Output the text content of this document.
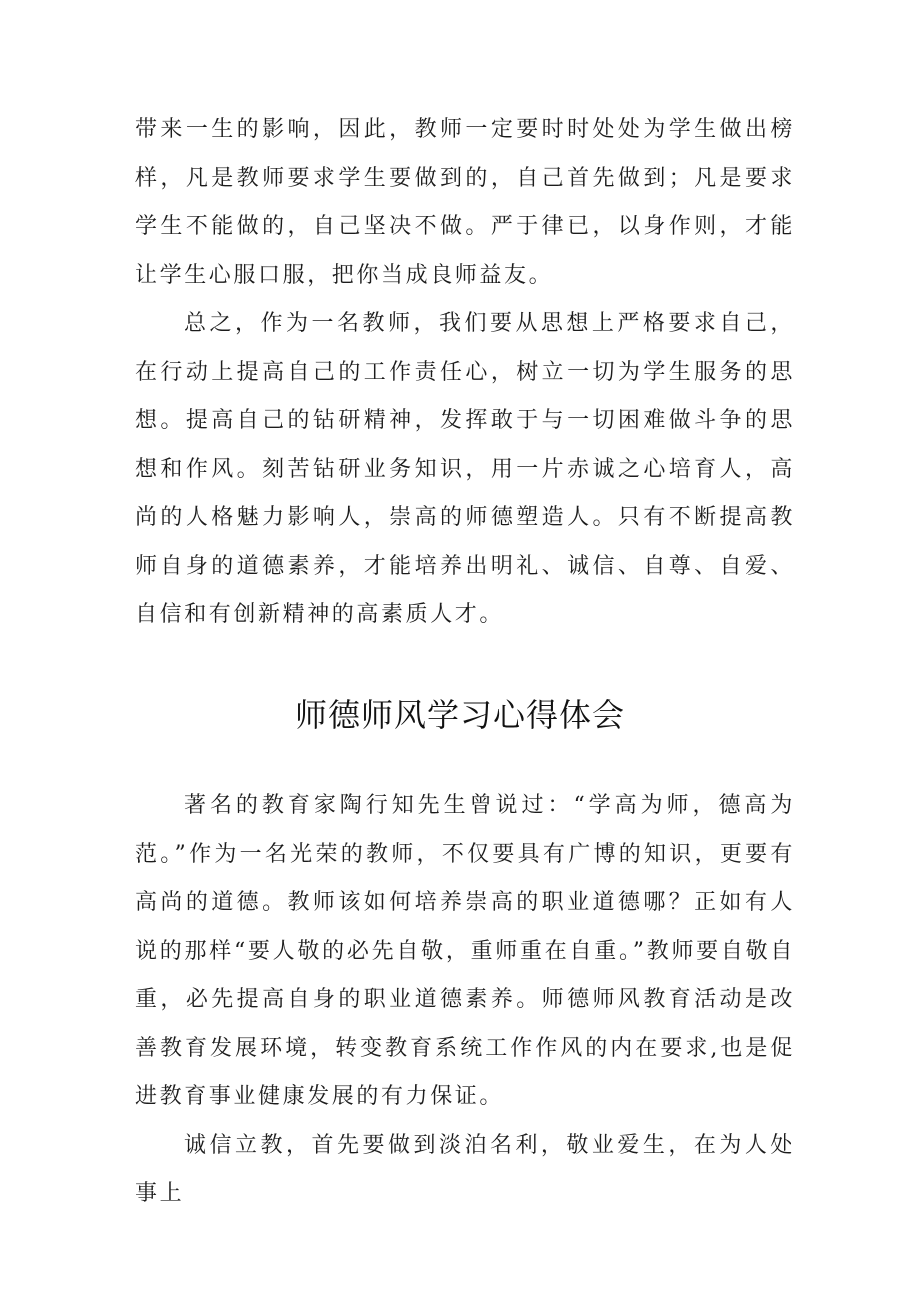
带来一生的影响，因此，教师一定要时时处处为学生做出榜样，凡是教师要求学生要做到的，自己首先做到；凡是要求学生不能做的，自己坚决不做。严于律已，以身作则，才能让学生心服口服，把你当成良师益友。

总之，作为一名教师，我们要从思想上严格要求自己，在行动上提高自己的工作责任心，树立一切为学生服务的思想。提高自己的钻研精神，发挥敢于与一切困难做斗争的思想和作风。刻苦钻研业务知识，用一片赤诚之心培育人，高尚的人格魅力影响人，崇高的师德塑造人。只有不断提高教师自身的道德素养，才能培养出明礼、诚信、自尊、自爱、自信和有创新精神的高素质人才。

师德师风学习心得体会

著名的教育家陶行知先生曾说过：“学高为师，德高为范。”作为一名光荣的教师，不仅要具有广博的知识，更要有高尚的道德。教师该如何培养崇高的职业道德哪？正如有人说的那样“要人敬的必先自敬，重师重在自重。”教师要自敬自重，必先提高自身的职业道德素养。师德师风教育活动是改善教育发展环境，转变教育系统工作作风的内在要求,也是促进教育事业健康发展的有力保证。

诚信立教，首先要做到淡泊名利，敬业爱生，在为人处事上
